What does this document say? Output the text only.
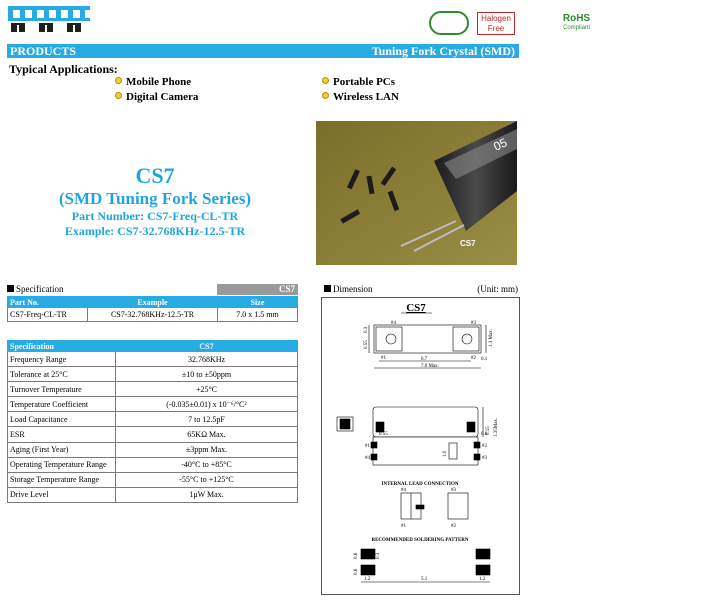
RoHS
Compliant
Halogen
Free
PRODUCTS	Tuning Fork Crystal (SMD)
Typical Applications:
Mobile Phone	Portable PCs
Digital Camera	Wireless LAN
CS7
(SMD Tuning Fork Series)
Part Number: CS7-Freq-CL-TR
Example: CS7-32.768KHz-12.5-TR
05
CS7
Specification	CS7
Part No.	Example	Size
CS7-Freq-CL-TR	CS7-32.768KHz-12.5-TR	7.0 x 1.5 mm
Specification	CS7
Frequency Range	32.768KHz
Tolerance at 25°C	±10 to ±50ppm
Turnover Temperature	+25°C
Temperature Coefficient	(-0.035±0.01) x 10⁻⁶/°C²
Load Capacitance	7 to 12.5pF
ESR	65KΩ Max.
Aging (First Year)	±3ppm Max.
Operating Temperature Range	-40°C to +85°C
Storage Temperature Range	-55°C to +125°C
Drive Level	1μW Max.
Dimension	(Unit: mm)
CS7
#4	#3
#1	#2
0.3
0.55	1.3 Max.
6.7	0.1
7.0 Max.
0.15 1.35Max.
0.55	0.6
#1
#4
#2
#3
1.0
INTERNAL LEAD CONNECTION
#4	#3
#1	#2
RECOMMENDED SOLDERING PATTERN
0.6
0.6
0.3
1.2	5.1	1.2
